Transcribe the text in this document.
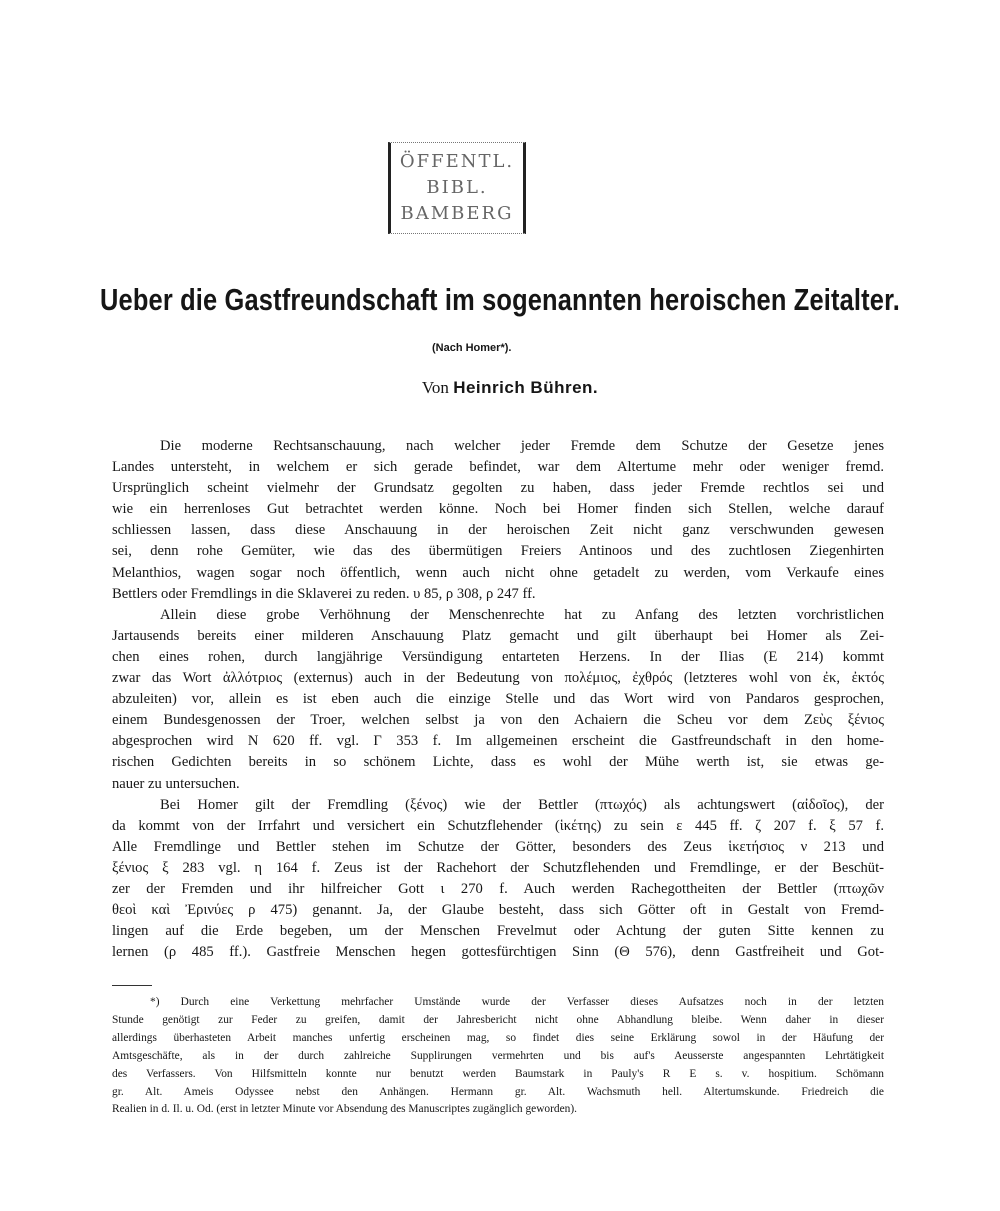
ÖFFENTL.
BIBL.
BAMBERG
Ueber die Gastfreundschaft im sogenannten heroischen Zeitalter.
(Nach Homer*).
Von Heinrich Bühren.
Die moderne Rechtsanschauung, nach welcher jeder Fremde dem Schutze der Gesetze jenes
Landes untersteht, in welchem er sich gerade befindet, war dem Altertume mehr oder weniger fremd.
Ursprünglich scheint vielmehr der Grundsatz gegolten zu haben, dass jeder Fremde rechtlos sei und
wie ein herrenloses Gut betrachtet werden könne. Noch bei Homer finden sich Stellen, welche darauf
schliessen lassen, dass diese Anschauung in der heroischen Zeit nicht ganz verschwunden gewesen
sei, denn rohe Gemüter, wie das des übermütigen Freiers Antinoos und des zuchtlosen Ziegenhirten
Melanthios, wagen sogar noch öffentlich, wenn auch nicht ohne getadelt zu werden, vom Verkaufe eines
Bettlers oder Fremdlings in die Sklaverei zu reden. υ 85, ρ 308, ρ 247 ff.
Allein diese grobe Verhöhnung der Menschenrechte hat zu Anfang des letzten vorchristlichen
Jartausends bereits einer milderen Anschauung Platz gemacht und gilt überhaupt bei Homer als Zei-
chen eines rohen, durch langjährige Versündigung entarteten Herzens. In der Ilias (E 214) kommt
zwar das Wort ἀλλότριος (externus) auch in der Bedeutung von πολέμιος, ἐχθρός (letzteres wohl von ἐκ, ἐκτός
abzuleiten) vor, allein es ist eben auch die einzige Stelle und das Wort wird von Pandaros gesprochen,
einem Bundesgenossen der Troer, welchen selbst ja von den Achaiern die Scheu vor dem Ζεὺς ξένιος
abgesprochen wird N 620 ff. vgl. Γ 353 f. Im allgemeinen erscheint die Gastfreundschaft in den home-
rischen Gedichten bereits in so schönem Lichte, dass es wohl der Mühe werth ist, sie etwas ge-
nauer zu untersuchen.
Bei Homer gilt der Fremdling (ξένος) wie der Bettler (πτωχός) als achtungswert (αἰδοῖος), der
da kommt von der Irrfahrt und versichert ein Schutzflehender (ἱκέτης) zu sein ε 445 ff. ζ 207 f. ξ 57 f.
Alle Fremdlinge und Bettler stehen im Schutze der Götter, besonders des Zeus ἱκετήσιος ν 213 und
ξένιος ξ 283 vgl. η 164 f. Zeus ist der Rachehort der Schutzflehenden und Fremdlinge, er der Beschüt-
zer der Fremden und ihr hilfreicher Gott ι 270 f. Auch werden Rachegottheiten der Bettler (πτωχῶν
θεοὶ καὶ Ἐρινύες ρ 475) genannt. Ja, der Glaube besteht, dass sich Götter oft in Gestalt von Fremd-
lingen auf die Erde begeben, um der Menschen Frevelmut oder Achtung der guten Sitte kennen zu
lernen (ρ 485 ff.). Gastfreie Menschen hegen gottesfürchtigen Sinn (Θ 576), denn Gastfreiheit und Got-
*) Durch eine Verkettung mehrfacher Umstände wurde der Verfasser dieses Aufsatzes noch in der letzten
Stunde genötigt zur Feder zu greifen, damit der Jahresbericht nicht ohne Abhandlung bleibe. Wenn daher in dieser
allerdings überhasteten Arbeit manches unfertig erscheinen mag, so findet dies seine Erklärung sowol in der Häufung der
Amtsgeschäfte, als in der durch zahlreiche Supplirungen vermehrten und bis auf's Aeusserste angespannten Lehrtätigkeit
des Verfassers. Von Hilfsmitteln konnte nur benutzt werden Baumstark in Pauly's R E s. v. hospitium. Schömann
gr. Alt. Ameis Odyssee nebst den Anhängen. Hermann gr. Alt. Wachsmuth hell. Altertumskunde. Friedreich die
Realien in d. Il. u. Od. (erst in letzter Minute vor Absendung des Manuscriptes zugänglich geworden).
